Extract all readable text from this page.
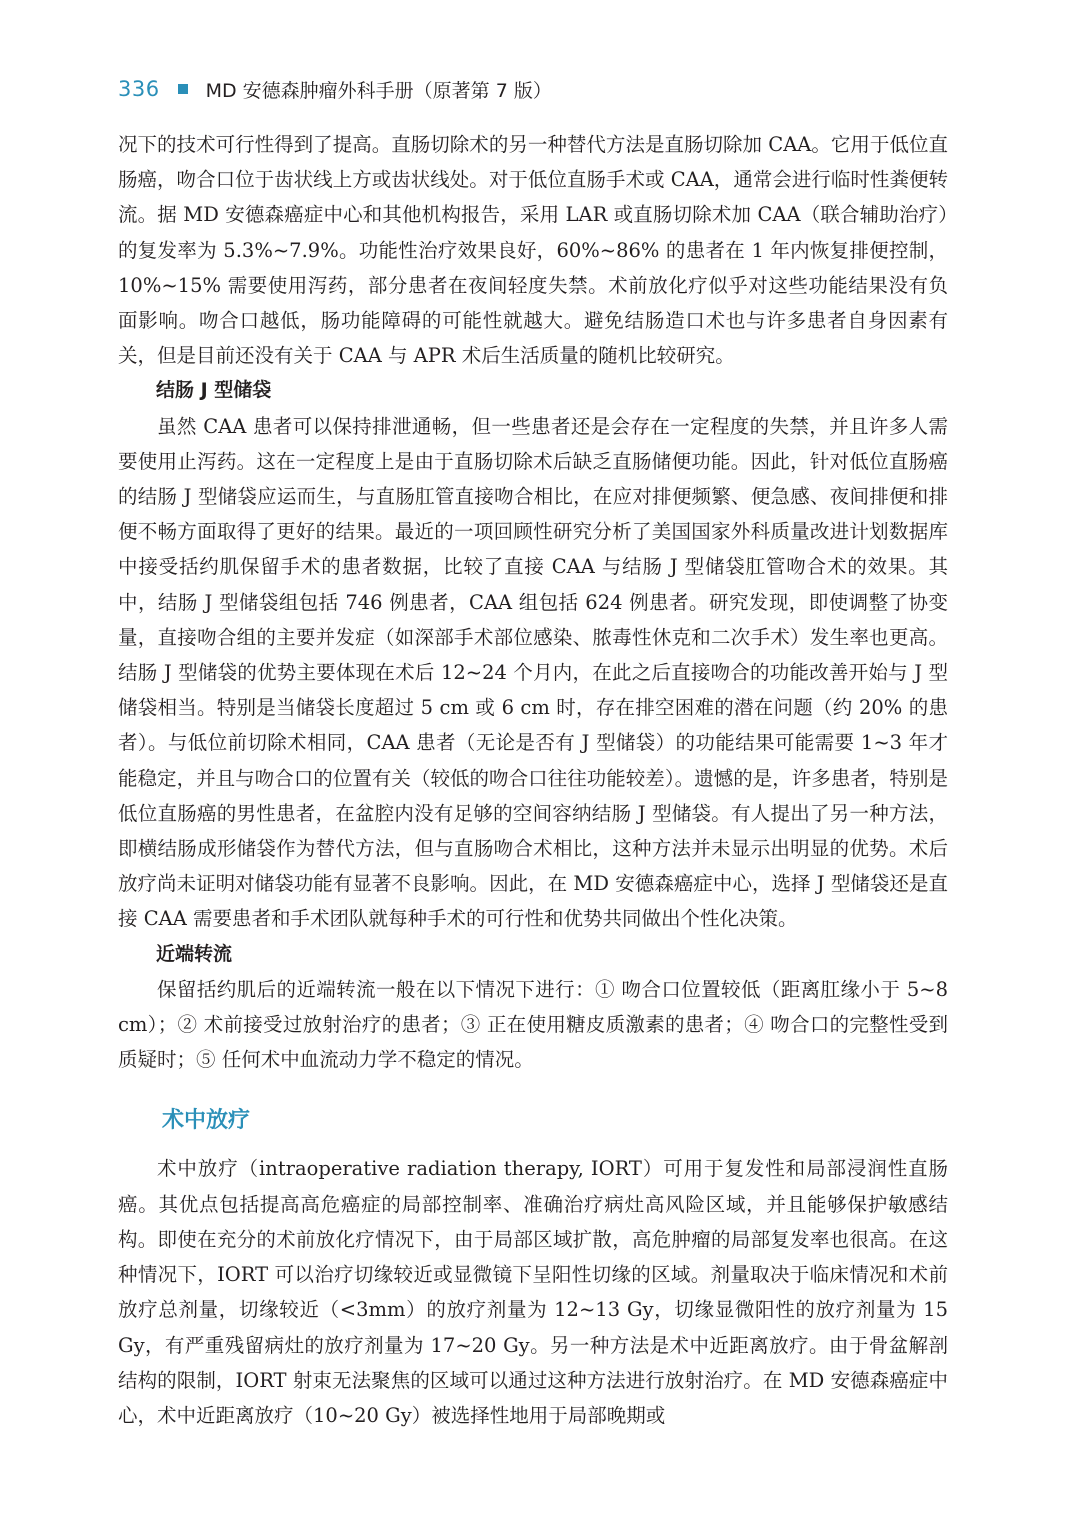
336 MD 安德森肿瘤外科手册（原著第 7 版）

况下的技术可行性得到了提高。直肠切除术的另一种替代方法是直肠切除加 CAA。它用于低位直肠癌，吻合口位于齿状线上方或齿状线处。对于低位直肠手术或 CAA，通常会进行临时性粪便转流。据 MD 安德森癌症中心和其他机构报告，采用 LAR 或直肠切除术加 CAA（联合辅助治疗）的复发率为 5.3%~7.9%。功能性治疗效果良好，60%~86% 的患者在 1 年内恢复排便控制，10%~15% 需要使用泻药，部分患者在夜间轻度失禁。术前放化疗似乎对这些功能结果没有负面影响。吻合口越低，肠功能障碍的可能性就越大。避免结肠造口术也与许多患者自身因素有关，但是目前还没有关于 CAA 与 APR 术后生活质量的随机比较研究。

结肠 J 型储袋

虽然 CAA 患者可以保持排泄通畅，但一些患者还是会存在一定程度的失禁，并且许多人需要使用止泻药。这在一定程度上是由于直肠切除术后缺乏直肠储便功能。因此，针对低位直肠癌的结肠 J 型储袋应运而生，与直肠肛管直接吻合相比，在应对排便频繁、便急感、夜间排便和排便不畅方面取得了更好的结果。最近的一项回顾性研究分析了美国国家外科质量改进计划数据库中接受括约肌保留手术的患者数据，比较了直接 CAA 与结肠 J 型储袋肛管吻合术的效果。其中，结肠 J 型储袋组包括 746 例患者，CAA 组包括 624 例患者。研究发现，即使调整了协变量，直接吻合组的主要并发症（如深部手术部位感染、脓毒性休克和二次手术）发生率也更高。结肠 J 型储袋的优势主要体现在术后 12~24 个月内，在此之后直接吻合的功能改善开始与 J 型储袋相当。特别是当储袋长度超过 5 cm 或 6 cm 时，存在排空困难的潜在问题（约 20% 的患者）。与低位前切除术相同，CAA 患者（无论是否有 J 型储袋）的功能结果可能需要 1~3 年才能稳定，并且与吻合口的位置有关（较低的吻合口往往功能较差）。遗憾的是，许多患者，特别是低位直肠癌的男性患者，在盆腔内没有足够的空间容纳结肠 J 型储袋。有人提出了另一种方法，即横结肠成形储袋作为替代方法，但与直肠吻合术相比，这种方法并未显示出明显的优势。术后放疗尚未证明对储袋功能有显著不良影响。因此，在 MD 安德森癌症中心，选择 J 型储袋还是直接 CAA 需要患者和手术团队就每种手术的可行性和优势共同做出个性化决策。

近端转流

保留括约肌后的近端转流一般在以下情况下进行：① 吻合口位置较低（距离肛缘小于 5~8 cm）；② 术前接受过放射治疗的患者；③ 正在使用糖皮质激素的患者；④ 吻合口的完整性受到质疑时；⑤ 任何术中血流动力学不稳定的情况。

术中放疗

术中放疗（intraoperative radiation therapy, IORT）可用于复发性和局部浸润性直肠癌。其优点包括提高高危癌症的局部控制率、准确治疗病灶高风险区域，并且能够保护敏感结构。即使在充分的术前放化疗情况下，由于局部区域扩散，高危肿瘤的局部复发率也很高。在这种情况下，IORT 可以治疗切缘较近或显微镜下呈阳性切缘的区域。剂量取决于临床情况和术前放疗总剂量，切缘较近（<3mm）的放疗剂量为 12~13 Gy，切缘显微阳性的放疗剂量为 15 Gy，有严重残留病灶的放疗剂量为 17~20 Gy。另一种方法是术中近距离放疗。由于骨盆解剖结构的限制，IORT 射束无法聚焦的区域可以通过这种方法进行放射治疗。在 MD 安德森癌症中心，术中近距离放疗（10~20 Gy）被选择性地用于局部晚期或
